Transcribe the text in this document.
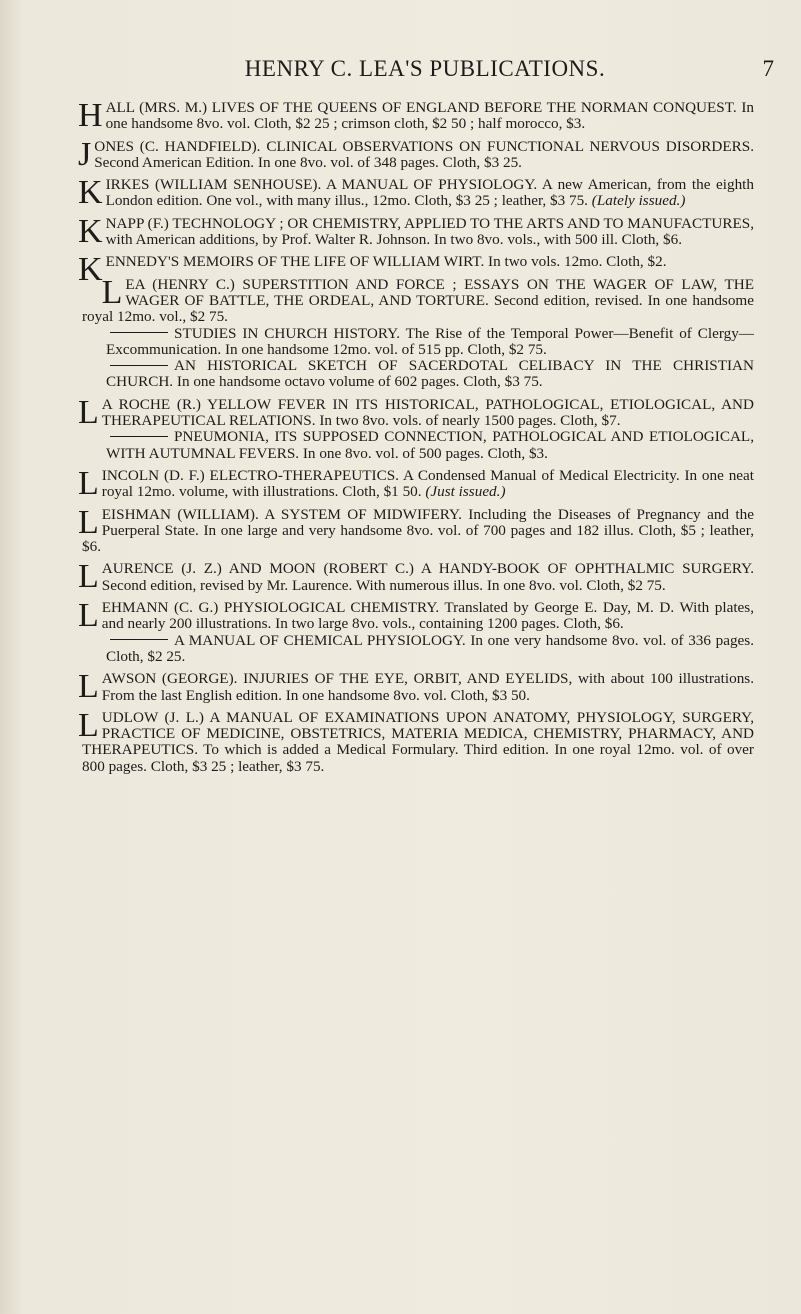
HENRY C. LEA'S PUBLICATIONS.	7

HALL (MRS. M.) LIVES OF THE QUEENS OF ENGLAND BEFORE THE NORMAN CONQUEST. In one handsome 8vo. vol. Cloth, $2 25 ; crimson cloth, $2 50 ; half morocco, $3.

JONES (C. HANDFIELD). CLINICAL OBSERVATIONS ON FUNCTIONAL NERVOUS DISORDERS. Second American Edition. In one 8vo. vol. of 348 pages. Cloth, $3 25.

KIRKES (WILLIAM SENHOUSE). A MANUAL OF PHYSIOLOGY. A new American, from the eighth London edition. One vol., with many illus., 12mo. Cloth, $3 25 ; leather, $3 75. (Lately issued.)

KNAPP (F.) TECHNOLOGY ; OR CHEMISTRY, APPLIED TO THE ARTS AND TO MANUFACTURES, with American additions, by Prof. Walter R. Johnson. In two 8vo. vols., with 500 ill. Cloth, $6.

KENNEDY'S MEMOIRS OF THE LIFE OF WILLIAM WIRT. In two vols. 12mo. Cloth, $2.

LEA (HENRY C.) SUPERSTITION AND FORCE ; ESSAYS ON THE WAGER OF LAW, THE WAGER OF BATTLE, THE ORDEAL, AND TORTURE. Second edition, revised. In one handsome royal 12mo. vol., $2 75.

STUDIES IN CHURCH HISTORY. The Rise of the Temporal Power—Benefit of Clergy—Excommunication. In one handsome 12mo. vol. of 515 pp. Cloth, $2 75.

AN HISTORICAL SKETCH OF SACERDOTAL CELIBACY IN THE CHRISTIAN CHURCH. In one handsome octavo volume of 602 pages. Cloth, $3 75.

L A ROCHE (R.) YELLOW FEVER IN ITS HISTORICAL, PATHOLOGICAL, ETIOLOGICAL, AND THERAPEUTICAL RELATIONS. In two 8vo. vols. of nearly 1500 pages. Cloth, $7.

PNEUMONIA, ITS SUPPOSED CONNECTION, PATHOLOGICAL AND ETIOLOGICAL, WITH AUTUMNAL FEVERS. In one 8vo. vol. of 500 pages. Cloth, $3.

LINCOLN (D. F.) ELECTRO-THERAPEUTICS. A Condensed Manual of Medical Electricity. In one neat royal 12mo. volume, with illustrations. Cloth, $1 50. (Just issued.)

LEISHMAN (WILLIAM). A SYSTEM OF MIDWIFERY. Including the Diseases of Pregnancy and the Puerperal State. In one large and very handsome 8vo. vol. of 700 pages and 182 illus. Cloth, $5 ; leather, $6.

LAURENCE (J. Z.) AND MOON (ROBERT C.) A HANDY-BOOK OF OPHTHALMIC SURGERY. Second edition, revised by Mr. Laurence. With numerous illus. In one 8vo. vol. Cloth, $2 75.

LEHMANN (C. G.) PHYSIOLOGICAL CHEMISTRY. Translated by George E. Day, M. D. With plates, and nearly 200 illustrations. In two large 8vo. vols., containing 1200 pages. Cloth, $6.

A MANUAL OF CHEMICAL PHYSIOLOGY. In one very handsome 8vo. vol. of 336 pages. Cloth, $2 25.

LAWSON (GEORGE). INJURIES OF THE EYE, ORBIT, AND EYELIDS, with about 100 illustrations. From the last English edition. In one handsome 8vo. vol. Cloth, $3 50.

LUDLOW (J. L.) A MANUAL OF EXAMINATIONS UPON ANATOMY, PHYSIOLOGY, SURGERY, PRACTICE OF MEDICINE, OBSTETRICS, MATERIA MEDICA, CHEMISTRY, PHARMACY, AND THERAPEUTICS. To which is added a Medical Formulary. Third edition. In one royal 12mo. vol. of over 800 pages. Cloth, $3 25 ; leather, $3 75.
